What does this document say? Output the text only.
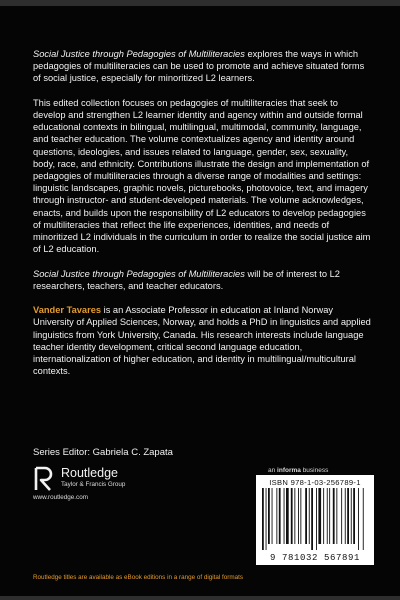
Social Justice through Pedagogies of Multiliteracies explores the ways in which pedagogies of multiliteracies can be used to promote and achieve situated forms of social justice, especially for minoritized L2 learners.

This edited collection focuses on pedagogies of multiliteracies that seek to develop and strengthen L2 learner identity and agency within and outside formal educational contexts in bilingual, multilingual, multimodal, community, language, and teacher education. The volume contextualizes agency and identity around questions, ideologies, and issues related to language, gender, sex, sexuality, body, race, and ethnicity. Contributions illustrate the design and implementation of pedagogies of multiliteracies through a diverse range of modalities and settings: linguistic landscapes, graphic novels, picturebooks, photovoice, text, and imagery through instructor- and student-developed materials. The volume acknowledges, enacts, and builds upon the responsibility of L2 educators to develop pedagogies of multiliteracies that reflect the life experiences, identities, and needs of minoritized L2 individuals in the curriculum in order to realize the social justice aim of L2 education.

Social Justice through Pedagogies of Multiliteracies will be of interest to L2 researchers, teachers, and teacher educators.

Vander Tavares is an Associate Professor in education at Inland Norway University of Applied Sciences, Norway, and holds a PhD in linguistics and applied linguistics from York University, Canada. His research interests include language teacher identity development, critical second language education, internationalization of higher education, and identity in multilingual/multicultural contexts.

Series Editor: Gabriela C. Zapata
Routledge
Taylor & Francis Group
www.routledge.com
an informa business
ISBN 978-1-03-256789-1
9 781032 567891
Routledge titles are available as eBook editions in a range of digital formats
